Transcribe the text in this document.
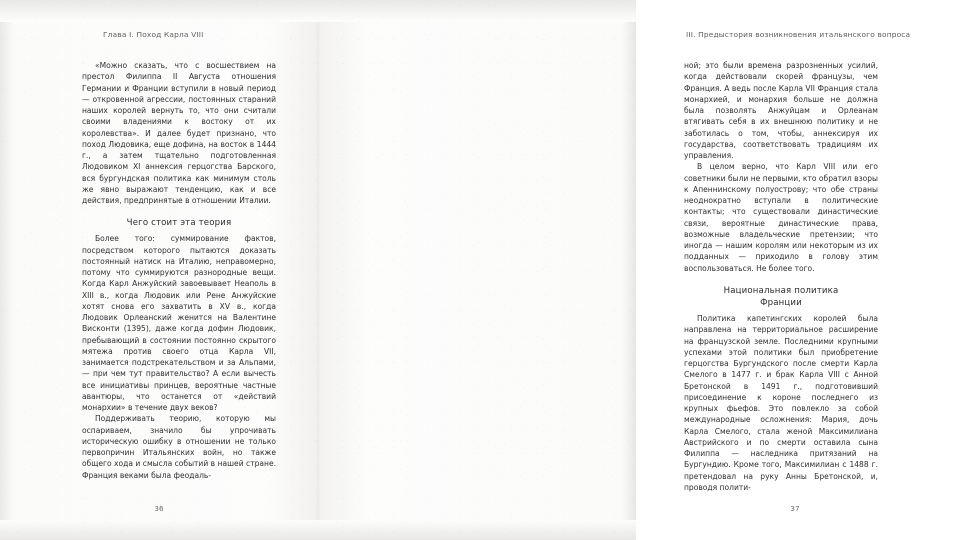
Глава I. Поход Карла VIII

«Можно сказать, что с восшествием на престол Филиппа II Августа отношения Германии и Франции вступили в новый период — откровенной агрессии, постоянных стараний наших королей вернуть то, что они считали своими владениями к востоку от их королевства». И далее будет признано, что поход Людовика, еще дофина, на восток в 1444 г., а затем тщательно подготовленная Людовиком XI аннексия герцогства Барского, вся бургундская политика как минимум столь же явно выражают тенденцию, как и все действия, предпринятые в отношении Италии.

Чего стоит эта теория

Более того: суммирование фактов, посредством которого пытаются доказать постоянный натиск на Италию, неправомерно, потому что суммируются разнородные вещи. Когда Карл Анжуйский завоевывает Неаполь в XIII в., когда Людовик или Рене Анжуйские хотят снова его захватить в XV в., когда Людовик Орлеанский женится на Валентине Висконти (1395), даже когда дофин Людовик, пребывающий в состоянии постоянно скрытого мятежа против своего отца Карла VII, занимается подстрекательством и за Альпами, — при чем тут правительство? А если вычесть все инициативы принцев, вероятные частные авантюры, что останется от «действий монархии» в течение двух веков?

Поддерживать теорию, которую мы оспариваем, значило бы упрочивать историческую ошибку в отношении не только первопричин Итальянских войн, но также общего хода и смысла событий в нашей стране. Франция веками была феодаль-

36
III. Предыстория возникновения итальянского вопроса

ной; это были времена разрозненных усилий, когда действовали скорей французы, чем Франция. А ведь после Карла VII Франция стала монархией, и монархия больше не должна была позволять Анжуйцам и Орлеанам втягивать себя в их внешнюю политику и не заботилась о том, чтобы, аннексируя их государства, соответствовать традициям их управления.

В целом верно, что Карл VIII или его советники были не первыми, кто обратил взоры к Апеннинскому полуострову; что обе страны неоднократно вступали в политические контакты; что существовали династические связи, вероятные династические права, возможные владельческие претензии; что иногда — нашим королям или некоторым из их подданных — приходило в голову этим воспользоваться. Не более того.

Национальная политика
Франции

Политика капетингских королей была направлена на территориальное расширение на французской земле. Последними крупными успехами этой политики был приобретение герцогства Бургундского после смерти Карла Смелого в 1477 г. и брак Карла VIII с Анной Бретонской в 1491 г., подготовивший присоединение к короне последнего из крупных фьефов. Это повлекло за собой международные осложнения: Мария, дочь Карла Смелого, стала женой Максимилиана Австрийского и по смерти оставила сына Филиппа — наследника притязаний на Бургундию. Кроме того, Максимилиан с 1488 г. претендовал на руку Анны Бретонской, и, проводя полити-

37
